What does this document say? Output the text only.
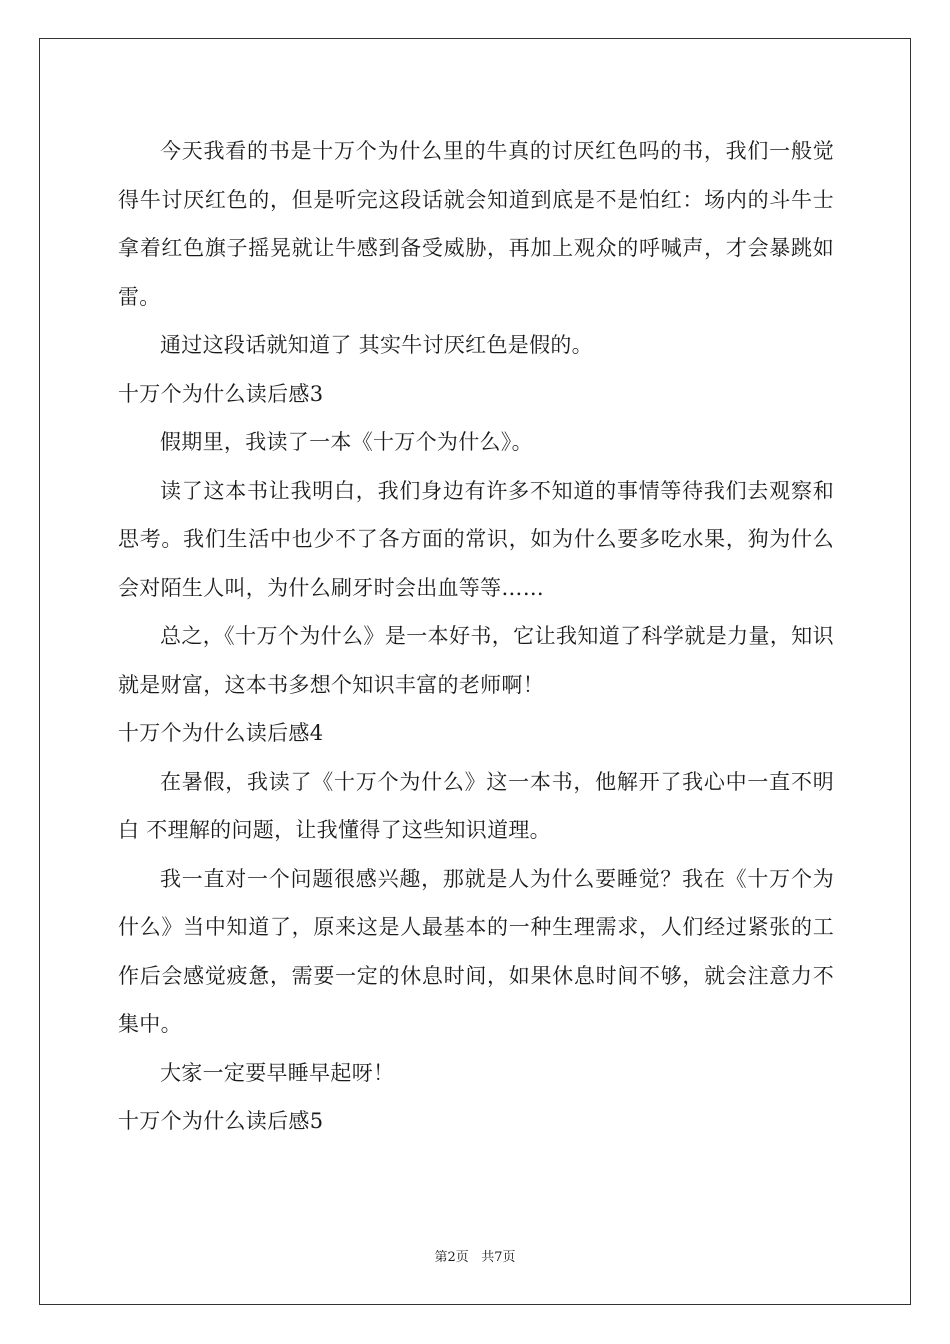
今天我看的书是十万个为什么里的牛真的讨厌红色吗的书，我们一般觉得牛讨厌红色的，但是听完这段话就会知道到底是不是怕红：场内的斗牛士拿着红色旗子摇晃就让牛感到备受威胁，再加上观众的呼喊声，才会暴跳如雷。

通过这段话就知道了 其实牛讨厌红色是假的。

十万个为什么读后感3

假期里，我读了一本《十万个为什么》。

读了这本书让我明白，我们身边有许多不知道的事情等待我们去观察和思考。我们生活中也少不了各方面的常识，如为什么要多吃水果，狗为什么会对陌生人叫，为什么刷牙时会出血等等……

总之，《十万个为什么》是一本好书，它让我知道了科学就是力量，知识就是财富，这本书多想个知识丰富的老师啊！

十万个为什么读后感4

在暑假，我读了《十万个为什么》这一本书，他解开了我心中一直不明白 不理解的问题，让我懂得了这些知识道理。

我一直对一个问题很感兴趣，那就是人为什么要睡觉？我在《十万个为什么》当中知道了，原来这是人最基本的一种生理需求，人们经过紧张的工作后会感觉疲惫，需要一定的休息时间，如果休息时间不够，就会注意力不集中。

大家一定要早睡早起呀！

十万个为什么读后感5

第2页 共7页
